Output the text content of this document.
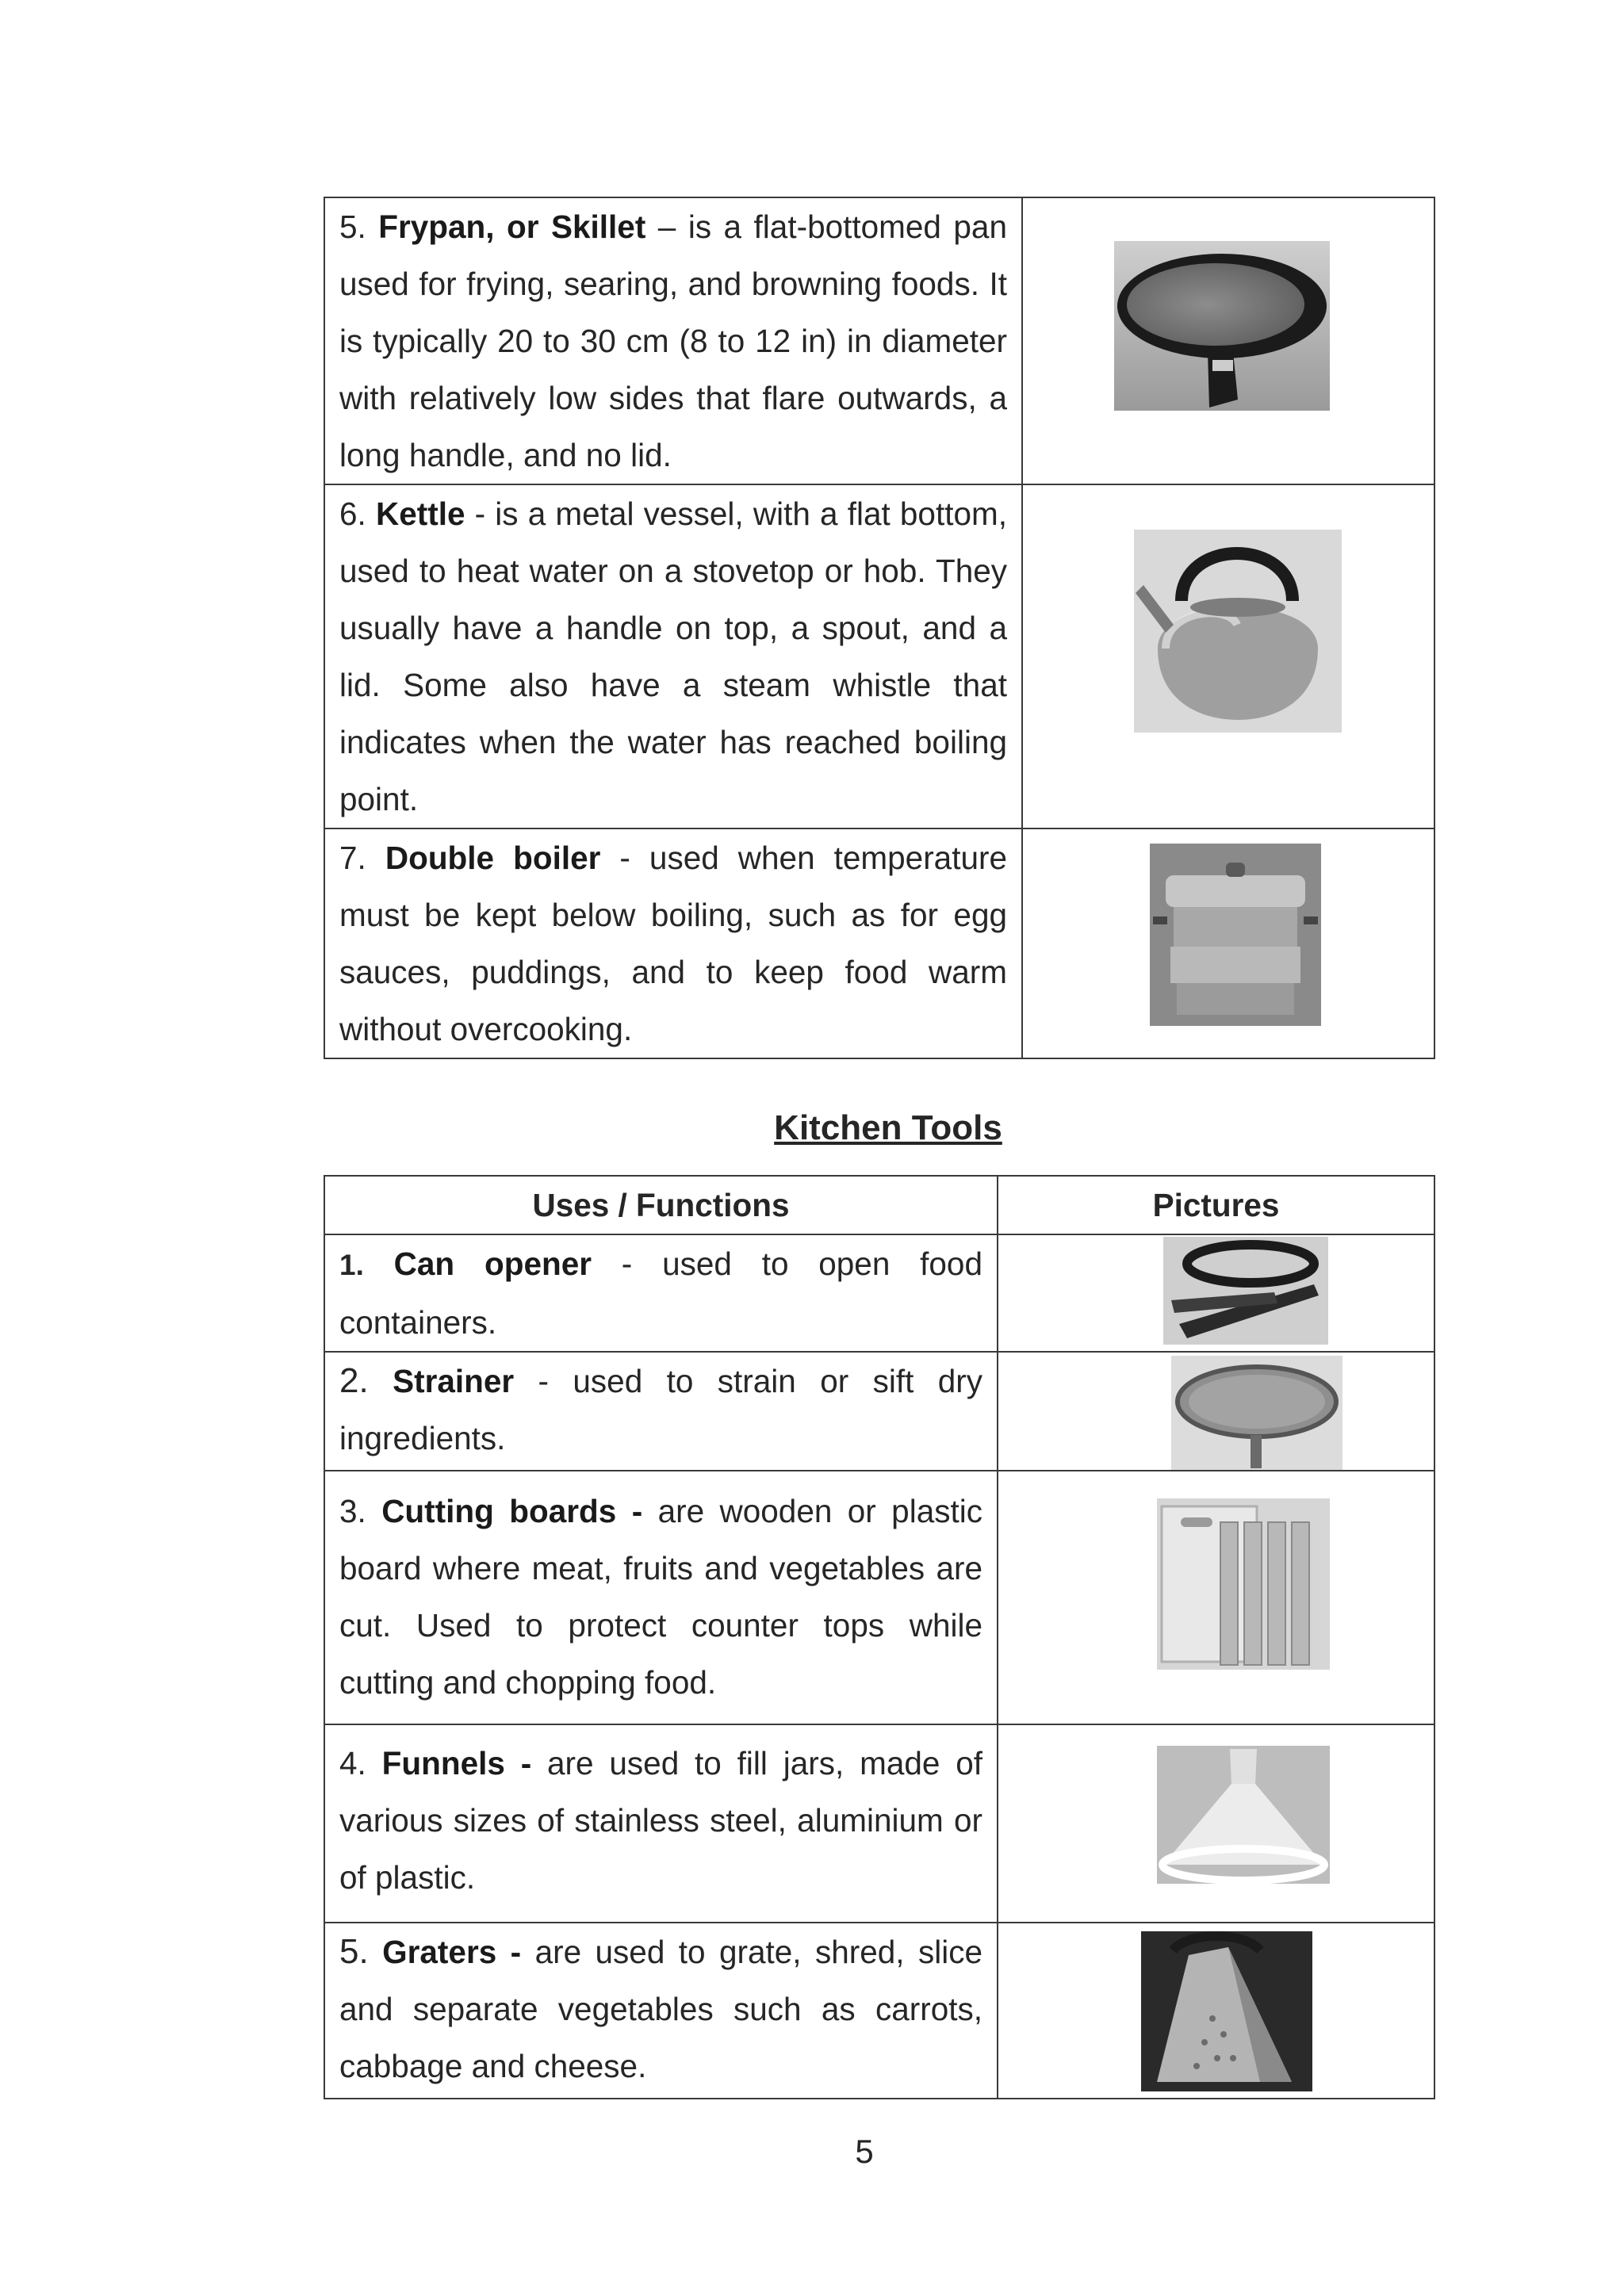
5. Frypan, or Skillet – is a flat-bottomed pan used for frying, searing, and browning foods. It is typically 20 to 30 cm (8 to 12 in) in diameter with relatively low sides that flare outwards, a long handle, and no lid.

6. Kettle - is a metal vessel, with a flat bottom, used to heat water on a stovetop or hob. They usually have a handle on top, a spout, and a lid. Some also have a steam whistle that indicates when the water has reached boiling point.

7. Double boiler - used when temperature must be kept below boiling, such as for egg sauces, puddings, and to keep food warm without overcooking.

Kitchen Tools
Uses / Functions	Pictures

1. Can opener - used to open food containers.

2. Strainer - used to strain or sift dry ingredients.

3. Cutting boards - are wooden or plastic board where meat, fruits and vegetables are cut. Used to protect counter tops while cutting and chopping food.

4. Funnels - are used to fill jars, made of various sizes of stainless steel, aluminium or of plastic.

5. Graters - are used to grate, shred, slice and separate vegetables such as carrots, cabbage and cheese.

5
